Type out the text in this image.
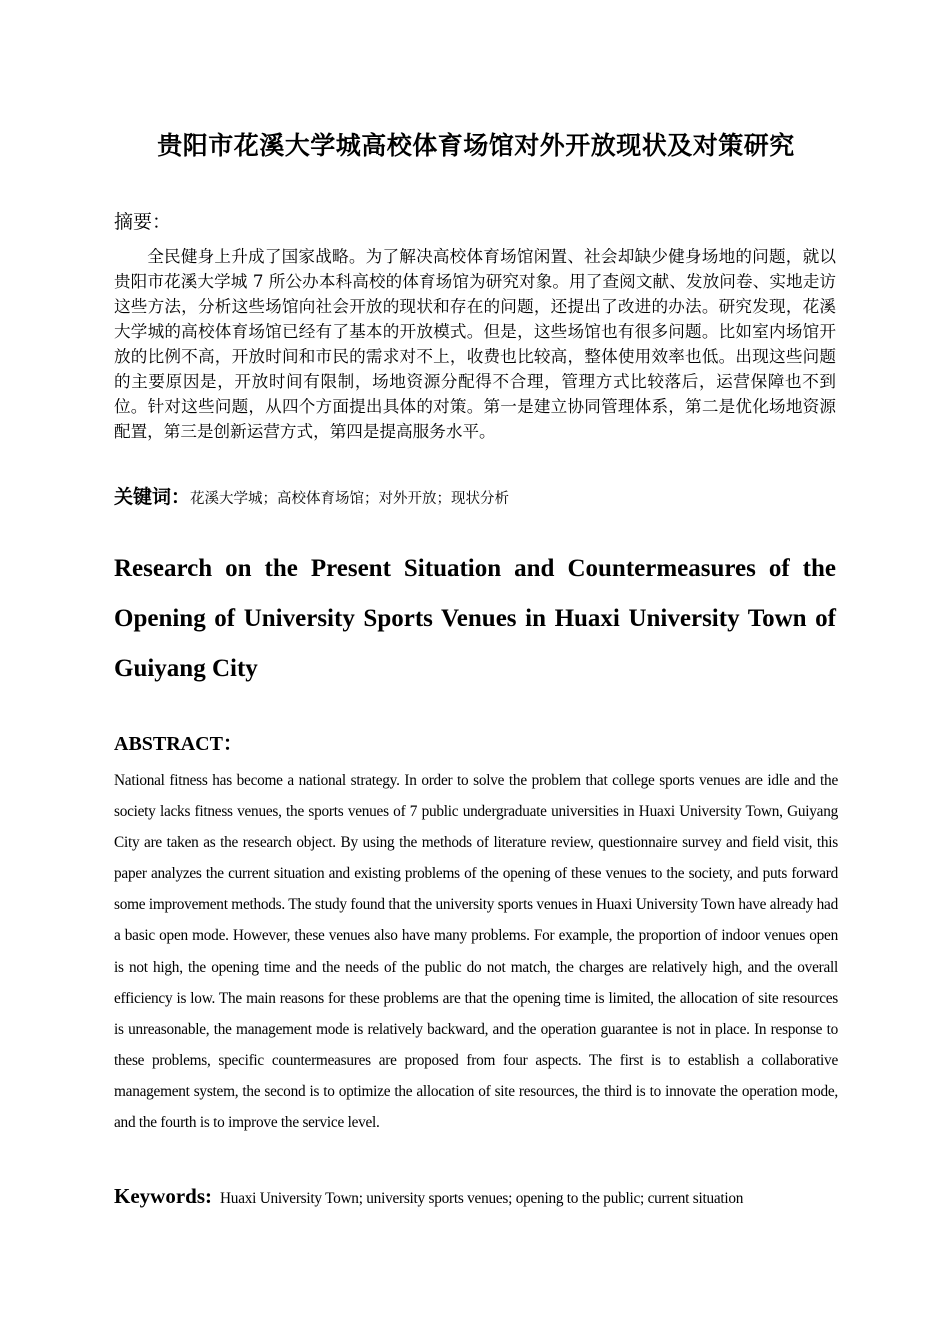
贵阳市花溪大学城高校体育场馆对外开放现状及对策研究

摘要：

全民健身上升成了国家战略。为了解决高校体育场馆闲置、社会却缺少健身场地的问题，就以贵阳市花溪大学城 7 所公办本科高校的体育场馆为研究对象。用了查阅文献、发放问卷、实地走访这些方法，分析这些场馆向社会开放的现状和存在的问题，还提出了改进的办法。研究发现，花溪大学城的高校体育场馆已经有了基本的开放模式。但是，这些场馆也有很多问题。比如室内场馆开放的比例不高，开放时间和市民的需求对不上，收费也比较高，整体使用效率也低。出现这些问题的主要原因是，开放时间有限制，场地资源分配得不合理，管理方式比较落后，运营保障也不到位。针对这些问题，从四个方面提出具体的对策。第一是建立协同管理体系，第二是优化场地资源配置，第三是创新运营方式，第四是提高服务水平。

关键词：花溪大学城；高校体育场馆；对外开放；现状分析

Research on the Present Situation and Countermeasures of the Opening of University Sports Venues in Huaxi University Town of Guiyang City

ABSTRACT：

National fitness has become a national strategy. In order to solve the problem that college sports venues are idle and the society lacks fitness venues, the sports venues of 7 public undergraduate universities in Huaxi University Town, Guiyang City are taken as the research object. By using the methods of literature review, questionnaire survey and field visit, this paper analyzes the current situation and existing problems of the opening of these venues to the society, and puts forward some improvement methods. The study found that the university sports venues in Huaxi University Town have already had a basic open mode. However, these venues also have many problems. For example, the proportion of indoor venues open is not high, the opening time and the needs of the public do not match, the charges are relatively high, and the overall efficiency is low. The main reasons for these problems are that the opening time is limited, the allocation of site resources is unreasonable, the management mode is relatively backward, and the operation guarantee is not in place. In response to these problems, specific countermeasures are proposed from four aspects. The first is to establish a collaborative management system, the second is to optimize the allocation of site resources, the third is to innovate the operation mode, and the fourth is to improve the service level.

Keywords: Huaxi University Town; university sports venues; opening to the public; current situation
